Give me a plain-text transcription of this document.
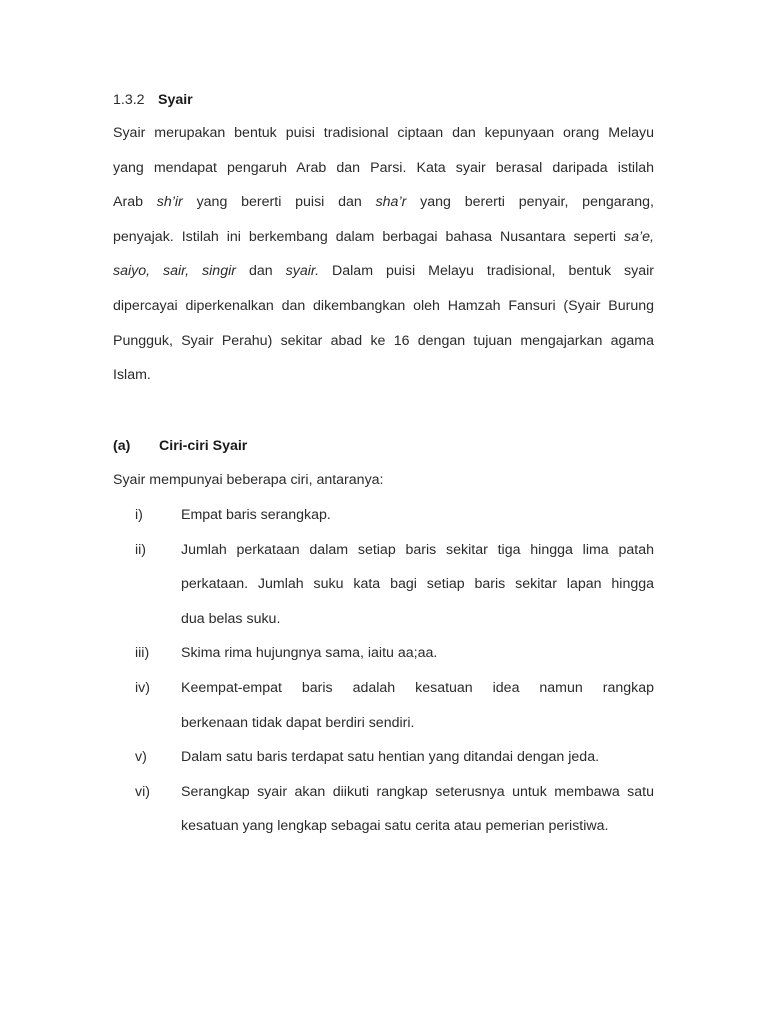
1.3.2 Syair
Syair merupakan bentuk puisi tradisional ciptaan dan kepunyaan orang Melayu
yang mendapat pengaruh Arab dan Parsi. Kata syair berasal daripada istilah
Arab sh’ir yang bererti puisi dan sha’r yang bererti penyair, pengarang,
penyajak. Istilah ini berkembang dalam berbagai bahasa Nusantara seperti sa’e,
saiyo, sair, singir dan syair. Dalam puisi Melayu tradisional, bentuk syair
dipercayai diperkenalkan dan dikembangkan oleh Hamzah Fansuri (Syair Burung
Pungguk, Syair Perahu) sekitar abad ke 16 dengan tujuan mengajarkan agama
Islam.
(a) Ciri-ciri Syair
Syair mempunyai beberapa ciri, antaranya:
i)	Empat baris serangkap.
ii) Jumlah perkataan dalam setiap baris sekitar tiga hingga lima patah
perkataan. Jumlah suku kata bagi setiap baris sekitar lapan hingga
dua belas suku.
iii) Skima rima hujungnya sama, iaitu aa;aa.
iv) Keempat-empat baris adalah kesatuan idea namun rangkap
berkenaan tidak dapat berdiri sendiri.
v) Dalam satu baris terdapat satu hentian yang ditandai dengan jeda.
vi) Serangkap syair akan diikuti rangkap seterusnya untuk membawa satu
kesatuan yang lengkap sebagai satu cerita atau pemerian peristiwa.
